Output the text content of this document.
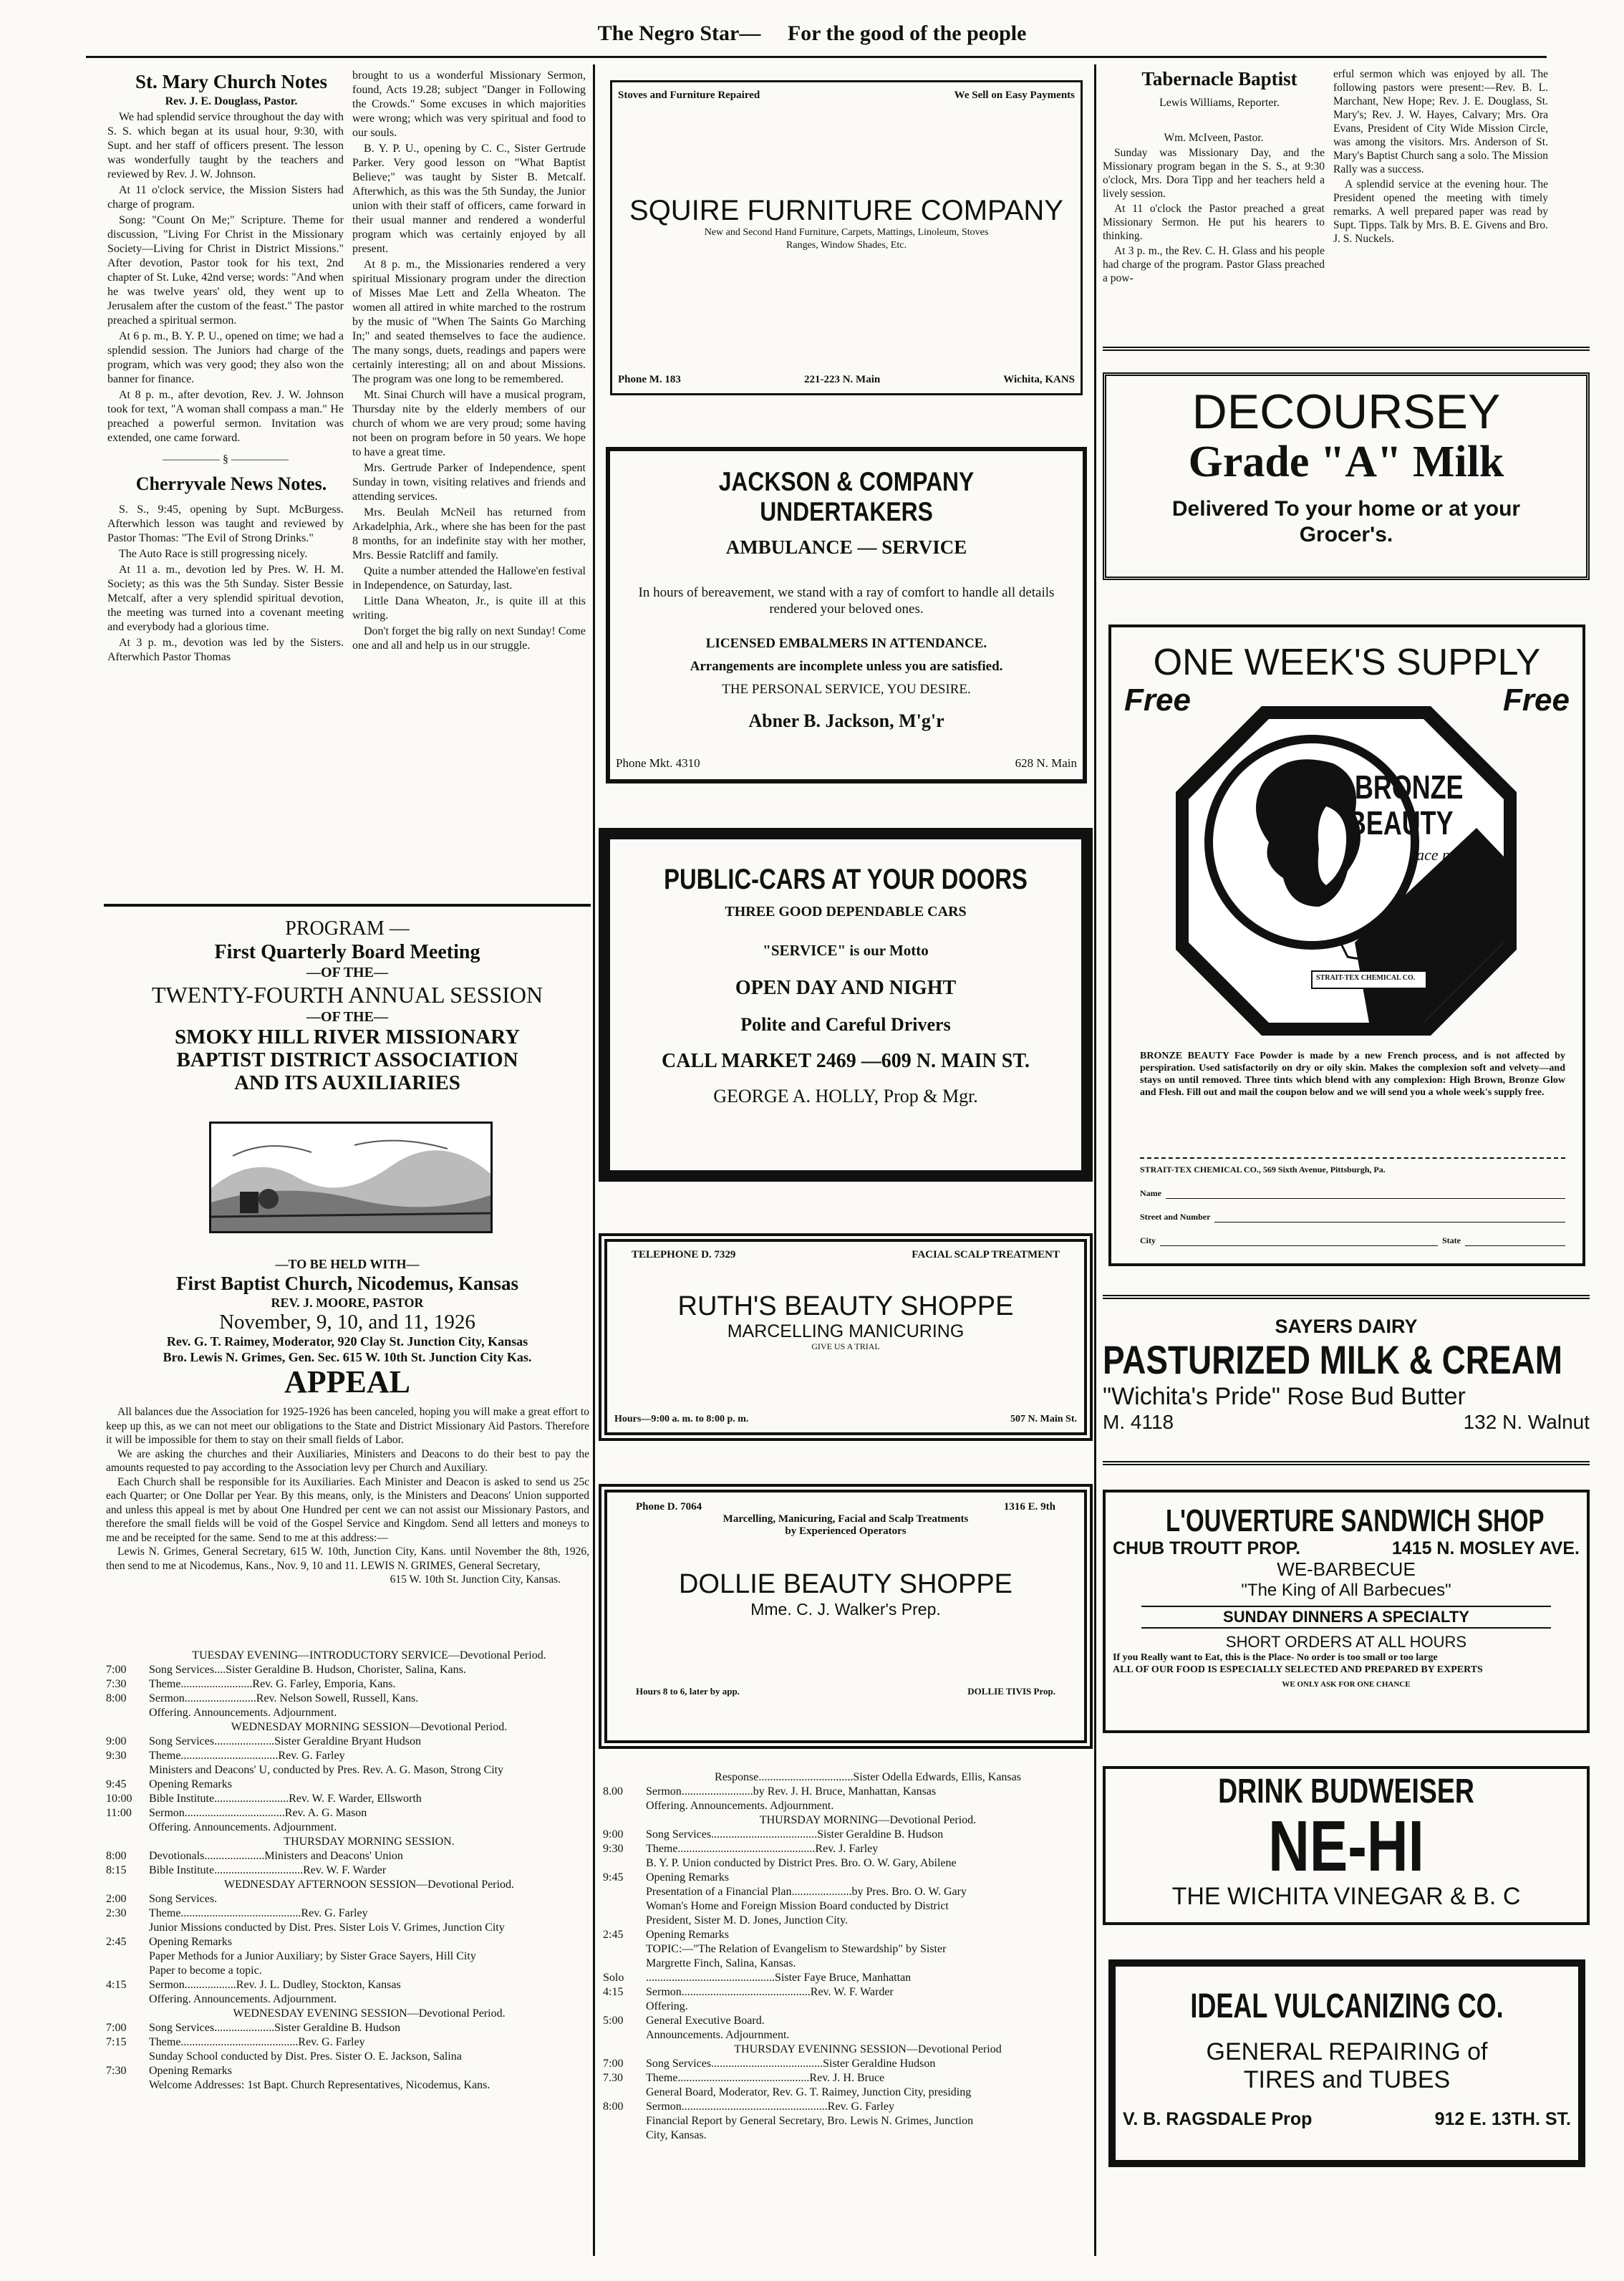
The Negro Star— For the good of the people

St. Mary Church Notes

Rev. J. E. Douglass, Pastor.

We had splendid service throughout the day with S. S. which began at its usual hour, 9:30, with Supt. and her staff of officers present. The lesson was wonderfully taught by the teachers and reviewed by Rev. J. W. Johnson.

At 11 o'clock service, the Mission Sisters had charge of program.

Song: "Count On Me;" Scripture. Theme for discussion, "Living For Christ in the Missionary Society—Living for Christ in District Missions." After devotion, Pastor took for his text, 2nd chapter of St. Luke, 42nd verse; words: "And when he was twelve years' old, they went up to Jerusalem after the custom of the feast." The pastor preached a spiritual sermon.

At 6 p. m., B. Y. P. U., opened on time; we had a splendid session. The Juniors had charge of the program, which was very good; they also won the banner for finance.

At 8 p. m., after devotion, Rev. J. W. Johnson took for text, "A woman shall compass a man." He preached a powerful sermon. Invitation was extended, one came forward.

————— § —————

Cherryvale News Notes.

S. S., 9:45, opening by Supt. McBurgess. Afterwhich lesson was taught and reviewed by Pastor Thomas: "The Evil of Strong Drinks."

The Auto Race is still progressing nicely.

At 11 a. m., devotion led by Pres. W. H. M. Society; as this was the 5th Sunday. Sister Bessie Metcalf, after a very splendid spiritual devotion, the meeting was turned into a covenant meeting and everybody had a glorious time.

At 3 p. m., devotion was led by the Sisters. Afterwhich Pastor Thomas

brought to us a wonderful Missionary Sermon, found, Acts 19.28; subject "Danger in Following the Crowds." Some excuses in which majorities were wrong; which was very spiritual and food to our souls.

B. Y. P. U., opening by C. C., Sister Gertrude Parker. Very good lesson on "What Baptist Believe;" was taught by Sister B. Metcalf. Afterwhich, as this was the 5th Sunday, the Junior union with their staff of officers, came forward in their usual manner and rendered a wonderful program which was certainly enjoyed by all present.

At 8 p. m., the Missionaries rendered a very spiritual Missionary program under the direction of Misses Mae Lett and Zella Wheaton. The women all attired in white marched to the rostrum by the music of "When The Saints Go Marching In;" and seated themselves to face the audience. The many songs, duets, readings and papers were certainly interesting; all on and about Missions. The program was one long to be remembered.

Mt. Sinai Church will have a musical program, Thursday nite by the elderly members of our church of whom we are very proud; some having not been on program before in 50 years. We hope to have a great time.

Mrs. Gertrude Parker of Independence, spent Sunday in town, visiting relatives and friends and attending services.

Mrs. Beulah McNeil has returned from Arkadelphia, Ark., where she has been for the past 8 months, for an indefinite stay with her mother, Mrs. Bessie Ratcliff and family.

Quite a number attended the Hallowe'en festival in Independence, on Saturday, last.

Little Dana Wheaton, Jr., is quite ill at this writing.

Don't forget the big rally on next Sunday! Come one and all and help us in our struggle.

PROGRAM —
First Quarterly Board Meeting
—OF THE—
TWENTY-FOURTH ANNUAL SESSION
—OF THE—
SMOKY HILL RIVER MISSIONARY
BAPTIST DISTRICT ASSOCIATION
AND ITS AUXILIARIES
—TO BE HELD WITH—
First Baptist Church, Nicodemus, Kansas
REV. J. MOORE, PASTOR
November, 9, 10, and 11, 1926
Rev. G. T. Raimey, Moderator, 920 Clay St. Junction City, Kansas
Bro. Lewis N. Grimes, Gen. Sec. 615 W. 10th St. Junction City Kas.
APPEAL

All balances due the Association for 1925-1926 has been canceled, hoping you will make a great effort to keep up this, as we can not meet our obligations to the State and District Missionary Aid Pastors. Therefore it will be impossible for them to stay on their small fields of Labor.

We are asking the churches and their Auxiliaries, Ministers and Deacons to do their best to pay the amounts requested to pay according to the Association levy per Church and Auxiliary.

Each Church shall be responsible for its Auxiliaries. Each Minister and Deacon is asked to send us 25c each Quarter; or One Dollar per Year. By this means, only, is the Ministers and Deacons' Union supported and unless this appeal is met by about One Hundred per cent we can not assist our Missionary Pastors, and therefore the small fields will be void of the Gospel Service and Kingdom. Send all letters and moneys to me and be receipted for the same. Send to me at this address:—

Lewis N. Grimes, General Secretary, 615 W. 10th, Junction City, Kans. until November the 8th, 1926, then send to me at Nicodemus, Kans., Nov. 9, 10 and 11. LEWIS N. GRIMES, General Secretary,

615 W. 10th St. Junction City, Kansas.

TUESDAY EVENING—INTRODUCTORY SERVICE—Devotional Period.
7:00	Song Services....Sister Geraldine B. Hudson, Chorister, Salina, Kans.
7:30	Theme.........................Rev. G. Farley, Emporia, Kans.
8:00	Sermon.........................Rev. Nelson Sowell, Russell, Kans.
Offering. Announcements. Adjournment.
WEDNESDAY MORNING SESSION—Devotional Period.
9:00	Song Services.....................Sister Geraldine Bryant Hudson
9:30	Theme..................................Rev. G. Farley
Ministers and Deacons' U, conducted by Pres. Rev. A. G. Mason, Strong City
9:45	Opening Remarks
10:00	Bible Institute..........................Rev. W. F. Warder, Ellsworth
11:00	Sermon...................................Rev. A. G. Mason
Offering. Announcements. Adjournment.
THURSDAY MORNING SESSION.
8:00	Devotionals.....................Ministers and Deacons' Union
8:15	Bible Institute...............................Rev. W. F. Warder
WEDNESDAY AFTERNOON SESSION—Devotional Period.
2:00	Song Services.
2:30	Theme..........................................Rev. G. Farley
Junior Missions conducted by Dist. Pres. Sister Lois V. Grimes, Junction City
2:45	Opening Remarks
Paper Methods for a Junior Auxiliary; by Sister Grace Sayers, Hill City
Paper to become a topic.
4:15	Sermon..................Rev. J. L. Dudley, Stockton, Kansas
Offering. Announcements. Adjournment.
WEDNESDAY EVENING SESSION—Devotional Period.
7:00	Song Services.....................Sister Geraldine B. Hudson
7:15	Theme.........................................Rev. G. Farley
Sunday School conducted by Dist. Pres. Sister O. E. Jackson, Salina
7:30	Opening Remarks
Welcome Addresses: 1st Bapt. Church Representatives, Nicodemus, Kans.
Stoves and Furniture Repaired	We Sell on Easy Payments
SQUIRE FURNITURE COMPANY
New and Second Hand Furniture, Carpets, Mattings, Linoleum, Stoves
Ranges, Window Shades, Etc.
Phone M. 183	221-223 N. Main	Wichita, KANS
JACKSON & COMPANY UNDERTAKERS
AMBULANCE — SERVICE
In hours of bereavement, we stand with a ray of comfort to handle all details rendered your beloved ones.
LICENSED EMBALMERS IN ATTENDANCE.
Arrangements are incomplete unless you are satisfied.
THE PERSONAL SERVICE, YOU DESIRE.
Abner B. Jackson, M'g'r
Phone Mkt. 4310	628 N. Main
PUBLIC-CARS AT YOUR DOORS
THREE GOOD DEPENDABLE CARS
"SERVICE" is our Motto
OPEN DAY AND NIGHT
Polite and Careful Drivers
CALL MARKET 2469 —609 N. MAIN ST.
GEORGE A. HOLLY, Prop & Mgr.
TELEPHONE D. 7329	FACIAL SCALP TREATMENT
RUTH'S BEAUTY SHOPPE
MARCELLING MANICURING
GIVE US A TRIAL
Hours—9:00 a. m. to 8:00 p. m.	507 N. Main St.
Phone D. 7064	1316 E. 9th
Marcelling, Manicuring, Facial and Scalp Treatments
by Experienced Operators
DOLLIE BEAUTY SHOPPE
Mme. C. J. Walker's Prep.
Hours 8 to 6, later by app.	DOLLIE TIVIS Prop.
Response.................................Sister Odella Edwards, Ellis, Kansas
8.00	Sermon.........................by Rev. J. H. Bruce, Manhattan, Kansas
Offering. Announcements. Adjournment.
THURSDAY MORNING—Devotional Period.
9:00	Song Services.....................................Sister Geraldine B. Hudson
9:30	Theme................................................Rev. J. Farley
B. Y. P. Union conducted by District Pres. Bro. O. W. Gary, Abilene
9:45	Opening Remarks
Presentation of a Financial Plan.....................by Pres. Bro. O. W. Gary
Woman's Home and Foreign Mission Board conducted by District
President, Sister M. D. Jones, Junction City.
2:45	Opening Remarks
TOPIC:—"The Relation of Evangelism to Stewardship" by Sister
Margrette Finch, Salina, Kansas.
Solo	.............................................Sister Faye Bruce, Manhattan
4:15	Sermon.............................................Rev. W. F. Warder
Offering.
5:00	General Executive Board.
Announcements. Adjournment.
THURSDAY EVENINNG SESSION—Devotional Period
7:00	Song Services.......................................Sister Geraldine Hudson
7.30	Theme..............................................Rev. J. H. Bruce
General Board, Moderator, Rev. G. T. Raimey, Junction City, presiding
8:00	Sermon...................................................Rev. G. Farley
Financial Report by General Secretary, Bro. Lewis N. Grimes, Junction
City, Kansas.

Tabernacle Baptist

Lewis Williams, Reporter.

Wm. McIveen, Pastor.

Sunday was Missionary Day, and the Missionary program began in the S. S., at 9:30 o'clock, Mrs. Dora Tipp and her teachers held a lively session.

At 11 o'clock the Pastor preached a great Missionary Sermon. He put his hearers to thinking.

At 3 p. m., the Rev. C. H. Glass and his people had charge of the program. Pastor Glass preached a pow-

erful sermon which was enjoyed by all. The following pastors were present:—Rev. B. L. Marchant, New Hope; Rev. J. E. Douglass, St. Mary's; Rev. J. W. Hayes, Calvary; Mrs. Ora Evans, President of City Wide Mission Circle, was among the visitors. Mrs. Anderson of St. Mary's Baptist Church sang a solo. The Mission Rally was a success.

A splendid service at the evening hour. The President opened the meeting with timely remarks. A well prepared paper was read by Supt. Tipps. Talk by Mrs. B. E. Givens and Bro. J. S. Nuckels.

DECOURSEY
Grade "A" Milk
Delivered To your home or at your
Grocer's.
ONE WEEK'S SUPPLY
Free	Free
BRONZE
BEAUTY
face powder
STRAIT-TEX CHEMICAL CO.
BRONZE BEAUTY Face Powder is made by a new French process, and is not affected by perspiration. Used satisfactorily on dry or oily skin. Makes the complexion soft and velvety—and stays on until removed. Three tints which blend with any complexion: High Brown, Bronze Glow and Flesh. Fill out and mail the coupon below and we will send you a whole week's supply free.
STRAIT-TEX CHEMICAL CO., 569 Sixth Avenue, Pittsburgh, Pa.
Name
Street and Number
City	State
SAYERS DAIRY
PASTURIZED MILK & CREAM
"Wichita's Pride" Rose Bud Butter
M. 4118	132 N. Walnut
L'OUVERTURE SANDWICH SHOP
CHUB TROUTT PROP.	1415 N. MOSLEY AVE.
WE-BARBECUE
"The King of All Barbecues"
SUNDAY DINNERS A SPECIALTY
SHORT ORDERS AT ALL HOURS
If you Really want to Eat, this is the Place- No order is too small or too large
ALL OF OUR FOOD IS ESPECIALLY SELECTED AND PREPARED BY EXPERTS
WE ONLY ASK FOR ONE CHANCE
DRINK BUDWEISER
NE-HI
THE WICHITA VINEGAR & B. C
IDEAL VULCANIZING CO.
GENERAL REPAIRING of
TIRES and TUBES
V. B. RAGSDALE Prop	912 E. 13TH. ST.
